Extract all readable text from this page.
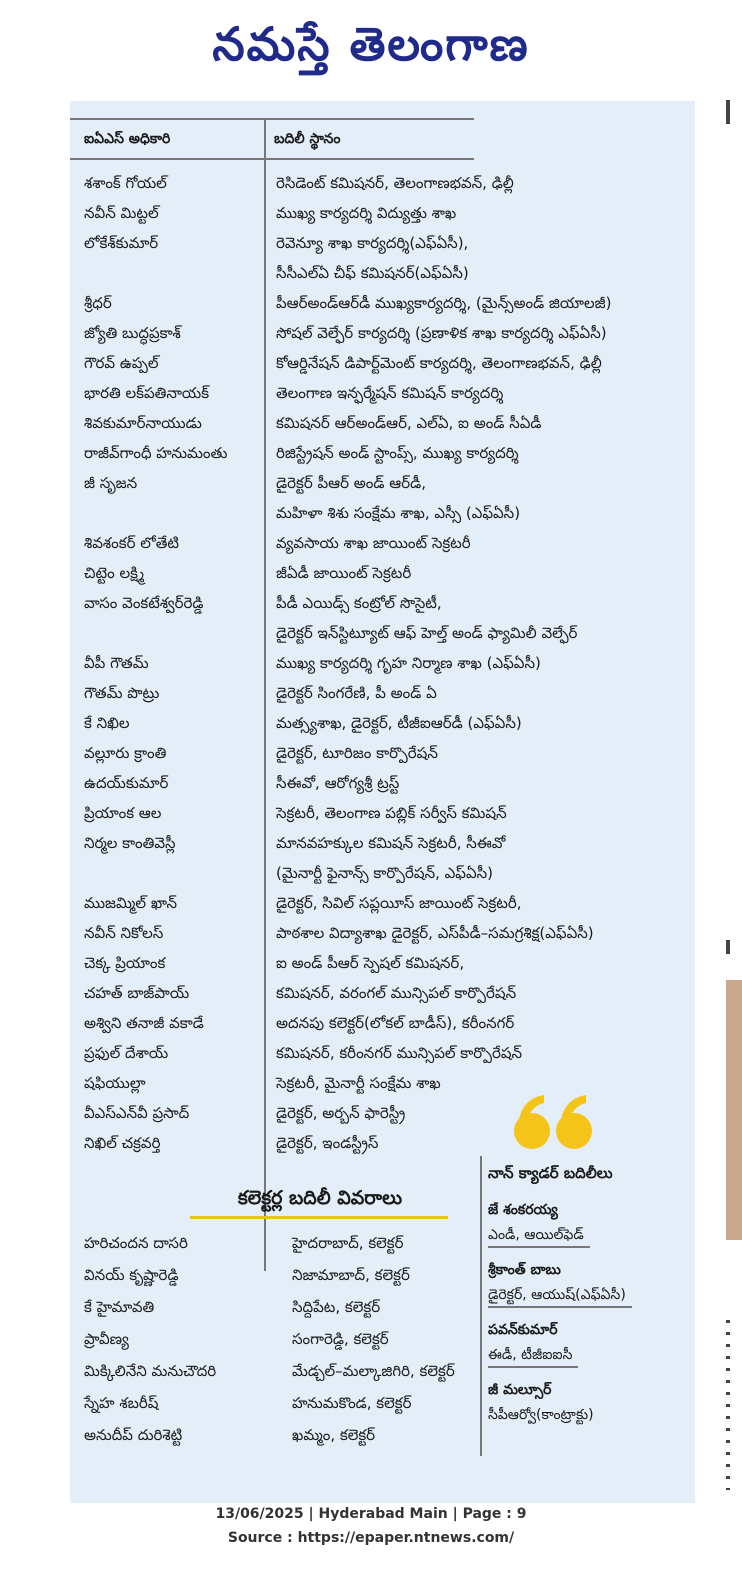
నమస్తే తెలంగాణ
ఐఏఎస్ అధికారి	బదిలీ స్థానం
శశాంక్ గోయల్	రెసిడెంట్ కమిషనర్, తెలంగాణభవన్, ఢిల్లీ
నవీన్ మిట్టల్	ముఖ్య కార్యదర్శి విద్యుత్తు శాఖ
లోకేశ్‌కుమార్	రెవెన్యూ శాఖ కార్యదర్శి(ఎఫ్‌ఏసీ),
సీసీఎల్‌ఏ చీఫ్ కమిషనర్(ఎఫ్‌ఏసీ)
శ్రీధర్	పీఆర్‌అండ్‌ఆర్‌డీ ముఖ్యకార్యదర్శి, (మైన్స్‌అండ్ జియాలజీ)
జ్యోతి బుద్ధప్రకాశ్	సోషల్ వెల్ఫేర్ కార్యదర్శి (ప్రణాళిక శాఖ కార్యదర్శి ఎఫ్‌ఏసీ)
గౌరవ్ ఉప్పల్	కోఆర్డినేషన్ డిపార్ట్‌మెంట్ కార్యదర్శి, తెలంగాణభవన్, ఢిల్లీ
భారతి లక్‌పతినాయక్	తెలంగాణ ఇన్ఫర్మేషన్ కమిషన్ కార్యదర్శి
శివకుమార్‌నాయుడు	కమిషనర్ ఆర్‌అండ్‌ఆర్, ఎల్‌ఏ, ఐ అండ్ సీఏడీ
రాజీవ్‌గాంధీ హనుమంతు	రిజిస్ట్రేషన్ అండ్ స్టాంప్స్, ముఖ్య కార్యదర్శి
జీ సృజన	డైరెక్టర్ పీఆర్ అండ్ ఆర్‌డీ,
మహిళా శిశు సంక్షేమ శాఖ, ఎస్సీ (ఎఫ్‌ఏసీ)
శివశంకర్ లోతేటి	వ్యవసాయ శాఖ జాయింట్ సెక్రటరీ
చిట్టెం లక్ష్మి	జీఏడీ జాయింట్ సెక్రటరీ
వాసం వెంకటేశ్వర్‌రెడ్డి	పీడీ ఎయిడ్స్ కంట్రోల్ సొసైటీ,
డైరెక్టర్ ఇన్‌స్టిట్యూట్ ఆఫ్ హెల్త్ అండ్ ఫ్యామిలీ వెల్ఫేర్
వీపీ గౌతమ్	ముఖ్య కార్యదర్శి గృహ నిర్మాణ శాఖ (ఎఫ్‌ఏసీ)
గౌతమ్ పొట్రు	డైరెక్టర్ సింగరేణి, పీ అండ్ ఏ
కే నిఖిల	మత్స్యశాఖ, డైరెక్టర్, టీజీఐఆర్‌డీ (ఎఫ్‌ఏసీ)
వల్లూరు క్రాంతి	డైరెక్టర్, టూరిజం కార్పొరేషన్
ఉదయ్‌కుమార్	సీఈవో, ఆరోగ్యశ్రీ ట్రస్ట్
ప్రియాంక ఆల	సెక్రటరీ, తెలంగాణ పబ్లిక్ సర్వీస్ కమిషన్
నిర్మల కాంతివెస్లీ	మానవహక్కుల కమిషన్ సెక్రటరీ, సీఈవో
(మైనార్టీ ఫైనాన్స్ కార్పొరేషన్, ఎఫ్‌ఏసీ)
ముజమ్మిల్ ఖాన్	డైరెక్టర్, సివిల్ సప్లయీస్ జాయింట్ సెక్రటరీ,
నవీన్ నికోలస్	పాఠశాల విద్యాశాఖ డైరెక్టర్, ఎస్‌పీడీ–సమగ్రశిక్ష(ఎఫ్‌ఏసీ)
చెక్క ప్రియాంక	ఐ అండ్ పీఆర్ స్పెషల్ కమిషనర్,
చహత్ బాజ్‌పాయ్	కమిషనర్, వరంగల్ మున్సిపల్ కార్పొరేషన్
అశ్విని తనాజీ వకాడే	అదనపు కలెక్టర్(లోకల్ బాడీస్), కరీంనగర్
ప్రఫుల్ దేశాయ్	కమిషనర్, కరీంనగర్ మున్సిపల్ కార్పొరేషన్
షఫియుల్లా	సెక్రటరీ, మైనార్టీ సంక్షేమ శాఖ
వీఎస్ఎన్‌వీ ప్రసాద్	డైరెక్టర్, అర్బన్ ఫారెస్ట్రీ
నిఖిల్ చక్రవర్తి	డైరెక్టర్, ఇండస్ట్రీస్
కలెక్టర్ల బదిలీ వివరాలు
హరిచందన దాసరి	హైదరాబాద్, కలెక్టర్
వినయ్ కృష్ణారెడ్డి	నిజామాబాద్, కలెక్టర్
కే హైమావతి	సిద్దిపేట, కలెక్టర్
ప్రావీణ్య	సంగారెడ్డి, కలెక్టర్
మిక్కిలినేని మనుచౌదరి	మేడ్చల్–మల్కాజిగిరి, కలెక్టర్
స్నేహ శబరీష్	హనుమకొండ, కలెక్టర్
అనుదీప్ దురిశెట్టి	ఖమ్మం, కలెక్టర్
నాన్ క్యాడర్ బదిలీలు
జే శంకరయ్య
ఎండీ, ఆయిల్‌ఫెడ్
శ్రీకాంత్ బాబు
డైరెక్టర్, ఆయుష్(ఎఫ్‌ఏసీ)
పవన్‌కుమార్
ఈడీ, టీజీఐఐసీ
జీ మల్సూర్
సీపీఆర్వో(కాంట్రాక్టు)
13/06/2025 | Hyderabad Main | Page : 9
Source : https://epaper.ntnews.com/
